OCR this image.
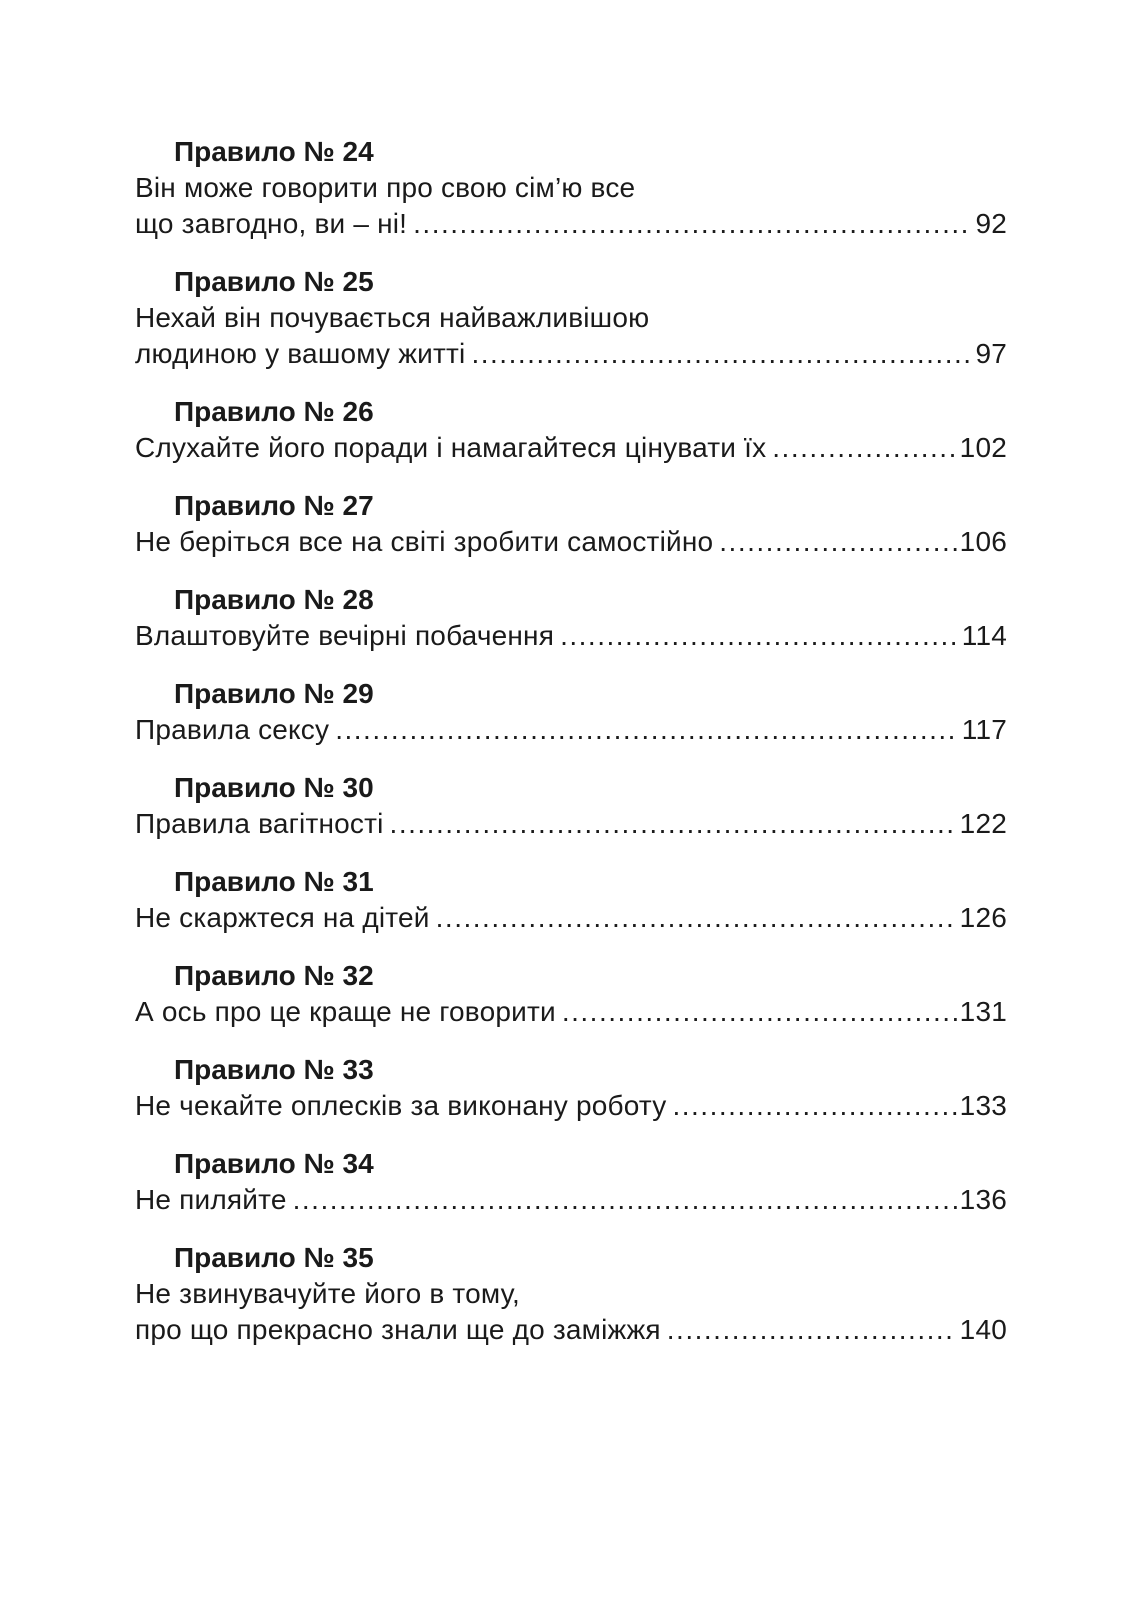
Правило № 24
Він може говорити про свою сім’ю все
що завгодно, ви – ні! .....	92
Правило № 25
Нехай він почувається найважливішою
людиною у вашому житті .....	97
Правило № 26
Слухайте його поради і намагайтеся цінувати їх .....	102
Правило № 27
Не беріться все на світі зробити самостійно .....	106
Правило № 28
Влаштовуйте вечірні побачення .....	114
Правило № 29
Правила сексу .....	117
Правило № 30
Правила вагітності .....	122
Правило № 31
Не скаржтеся на дітей .....	126
Правило № 32
А ось про це краще не говорити .....	131
Правило № 33
Не чекайте оплесків за виконану роботу .....	133
Правило № 34
Не пиляйте .....	136
Правило № 35
Не звинувачуйте його в тому,
про що прекрасно знали ще до заміжжя .....	140
